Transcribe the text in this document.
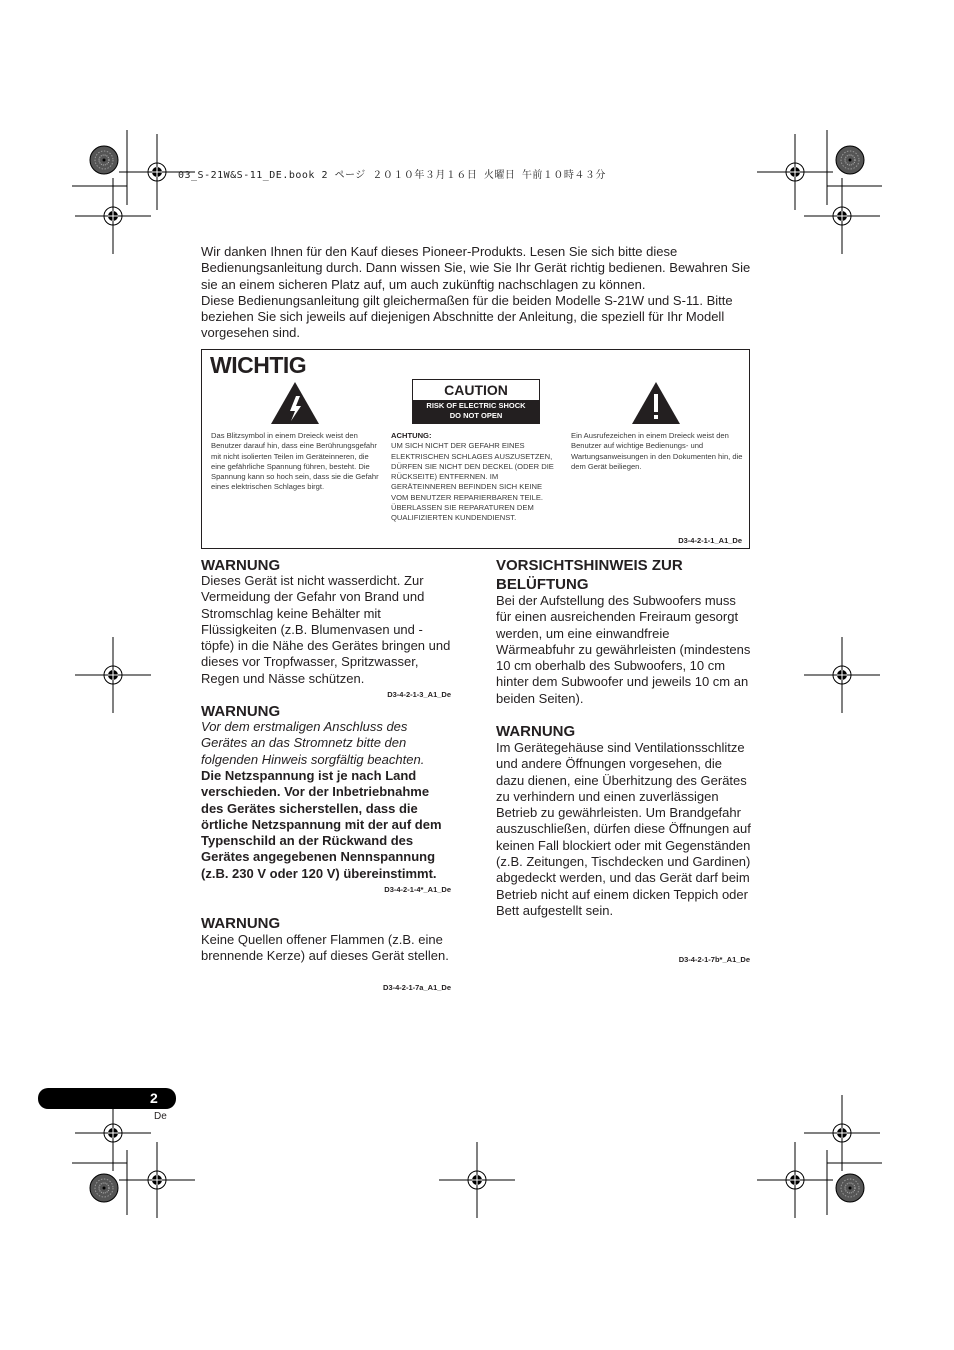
03_S-21W&S-11_DE.book 2 ページ ２０１０年３月１６日 火曜日 午前１０時４３分

Wir danken Ihnen für den Kauf dieses Pioneer-Produkts. Lesen Sie sich bitte diese Bedienungsanleitung durch. Dann wissen Sie, wie Sie Ihr Gerät richtig bedienen. Bewahren Sie sie an einem sicheren Platz auf, um auch zukünftig nachschlagen zu können.

Diese Bedienungsanleitung gilt gleichermaßen für die beiden Modelle S-21W und S-11. Bitte beziehen Sie sich jeweils auf diejenigen Abschnitte der Anleitung, die speziell für Ihr Modell vorgesehen sind.

WICHTIG
CAUTION
RISK OF ELECTRIC SHOCK
DO NOT OPEN
Das Blitzsymbol in einem Dreieck weist den Benutzer darauf hin, dass eine Berührungsgefahr mit nicht isolierten Teilen im Geräteinneren, die eine gefährliche Spannung führen, besteht. Die Spannung kann so hoch sein, dass sie die Gefahr eines elektrischen Schlages birgt.
ACHTUNG:
UM SICH NICHT DER GEFAHR EINES ELEKTRISCHEN SCHLAGES AUSZUSETZEN, DÜRFEN SIE NICHT DEN DECKEL (ODER DIE RÜCKSEITE) ENTFERNEN. IM GERÄTEINNEREN BEFINDEN SICH KEINE VOM BENUTZER REPARIERBAREN TEILE. ÜBERLASSEN SIE REPARATUREN DEM QUALIFIZIERTEN KUNDENDIENST.
Ein Ausrufezeichen in einem Dreieck weist den Benutzer auf wichtige Bedienungs- und Wartungsanweisungen in den Dokumenten hin, die dem Gerät beiliegen.
D3-4-2-1-1_A1_De
WARNUNG
Dieses Gerät ist nicht wasserdicht. Zur Vermeidung der Gefahr von Brand und Stromschlag keine Behälter mit Flüssigkeiten (z.B. Blumenvasen und -töpfe) in die Nähe des Gerätes bringen und dieses vor Tropfwasser, Spritzwasser, Regen und Nässe schützen.
D3-4-2-1-3_A1_De
WARNUNG
Vor dem erstmaligen Anschluss des Gerätes an das Stromnetz bitte den folgenden Hinweis sorgfältig beachten.
Die Netzspannung ist je nach Land verschieden. Vor der Inbetriebnahme des Gerätes sicherstellen, dass die örtliche Netzspannung mit der auf dem Typenschild an der Rückwand des Gerätes angegebenen Nennspannung (z.B. 230 V oder 120 V) übereinstimmt.
D3-4-2-1-4*_A1_De
WARNUNG
Keine Quellen offener Flammen (z.B. eine brennende Kerze) auf dieses Gerät stellen.
D3-4-2-1-7a_A1_De
VORSICHTSHINWEIS ZUR BELÜFTUNG
Bei der Aufstellung des Subwoofers muss für einen ausreichenden Freiraum gesorgt werden, um eine einwandfreie Wärmeabfuhr zu gewährleisten (mindestens 10 cm oberhalb des Subwoofers, 10 cm hinter dem Subwoofer und jeweils 10 cm an beiden Seiten).
WARNUNG
Im Gerätegehäuse sind Ventilationsschlitze und andere Öffnungen vorgesehen, die dazu dienen, eine Überhitzung des Gerätes zu verhindern und einen zuverlässigen Betrieb zu gewährleisten. Um Brandgefahr auszuschließen, dürfen diese Öffnungen auf keinen Fall blockiert oder mit Gegenständen (z.B. Zeitungen, Tischdecken und Gardinen) abgedeckt werden, und das Gerät darf beim Betrieb nicht auf einem dicken Teppich oder Bett aufgestellt sein.
D3-4-2-1-7b*_A1_De
2
De
